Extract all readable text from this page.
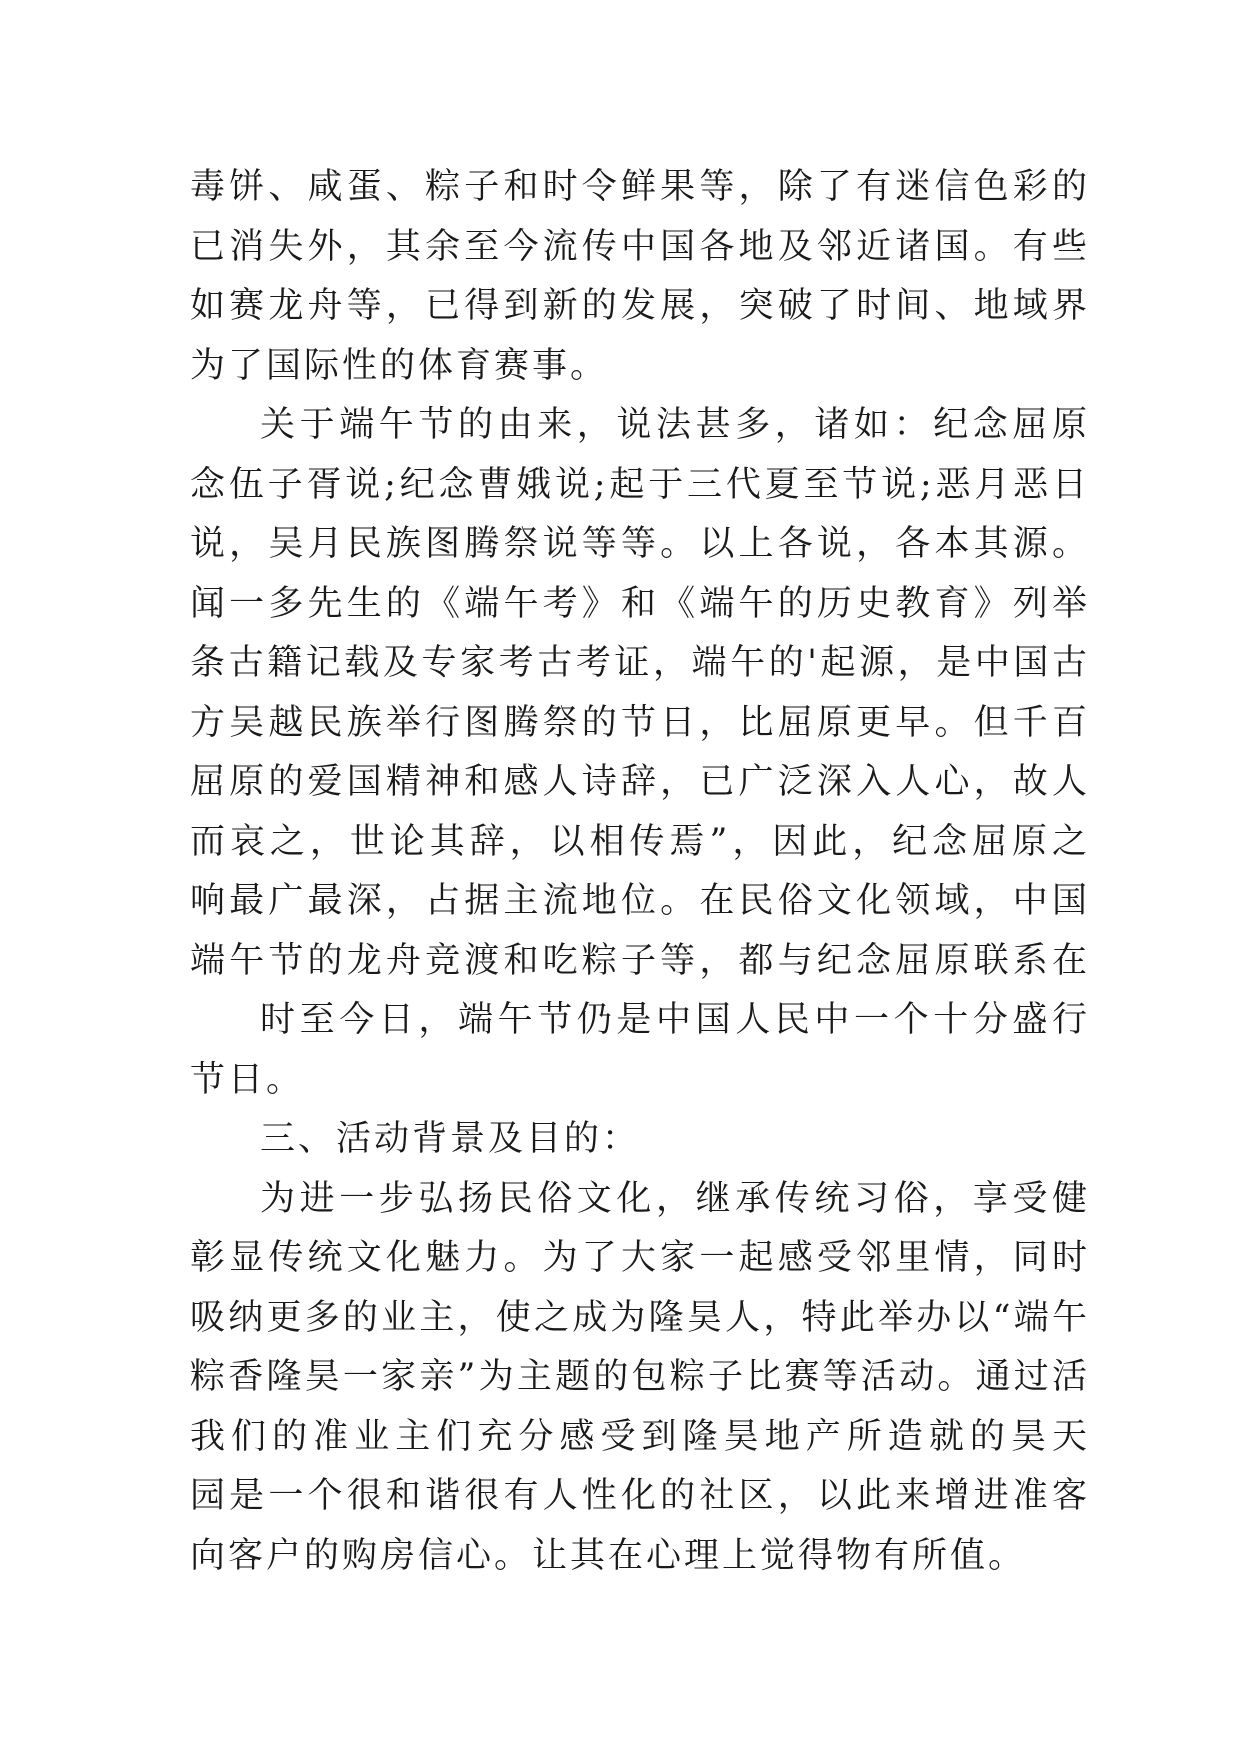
毒饼、咸蛋、粽子和时令鲜果等，除了有迷信色彩的
已消失外，其余至今流传中国各地及邻近诸国。有些
如赛龙舟等，已得到新的发展，突破了时间、地域界
为了国际性的体育赛事。
关于端午节的由来，说法甚多，诸如：纪念屈原
念伍子胥说;纪念曹娥说;起于三代夏至节说;恶月恶日
说，吴月民族图腾祭说等等。以上各说，各本其源。
闻一多先生的《端午考》和《端午的历史教育》列举
条古籍记载及专家考古考证，端午的'起源，是中国古
方吴越民族举行图腾祭的节日，比屈原更早。但千百
屈原的爱国精神和感人诗辞，已广泛深入人心，故人
而哀之，世论其辞，以相传焉”，因此，纪念屈原之
响最广最深，占据主流地位。在民俗文化领域，中国
端午节的龙舟竞渡和吃粽子等，都与纪念屈原联系在
时至今日，端午节仍是中国人民中一个十分盛行
节日。
三、活动背景及目的：
为进一步弘扬民俗文化，继承传统习俗，享受健
彰显传统文化魅力。为了大家一起感受邻里情，同时
吸纳更多的业主，使之成为隆昊人，特此举办以“端午
粽香隆昊一家亲”为主题的包粽子比赛等活动。通过活
我们的准业主们充分感受到隆昊地产所造就的昊天
园是一个很和谐很有人性化的社区，以此来增进准客
向客户的购房信心。让其在心理上觉得物有所值。
